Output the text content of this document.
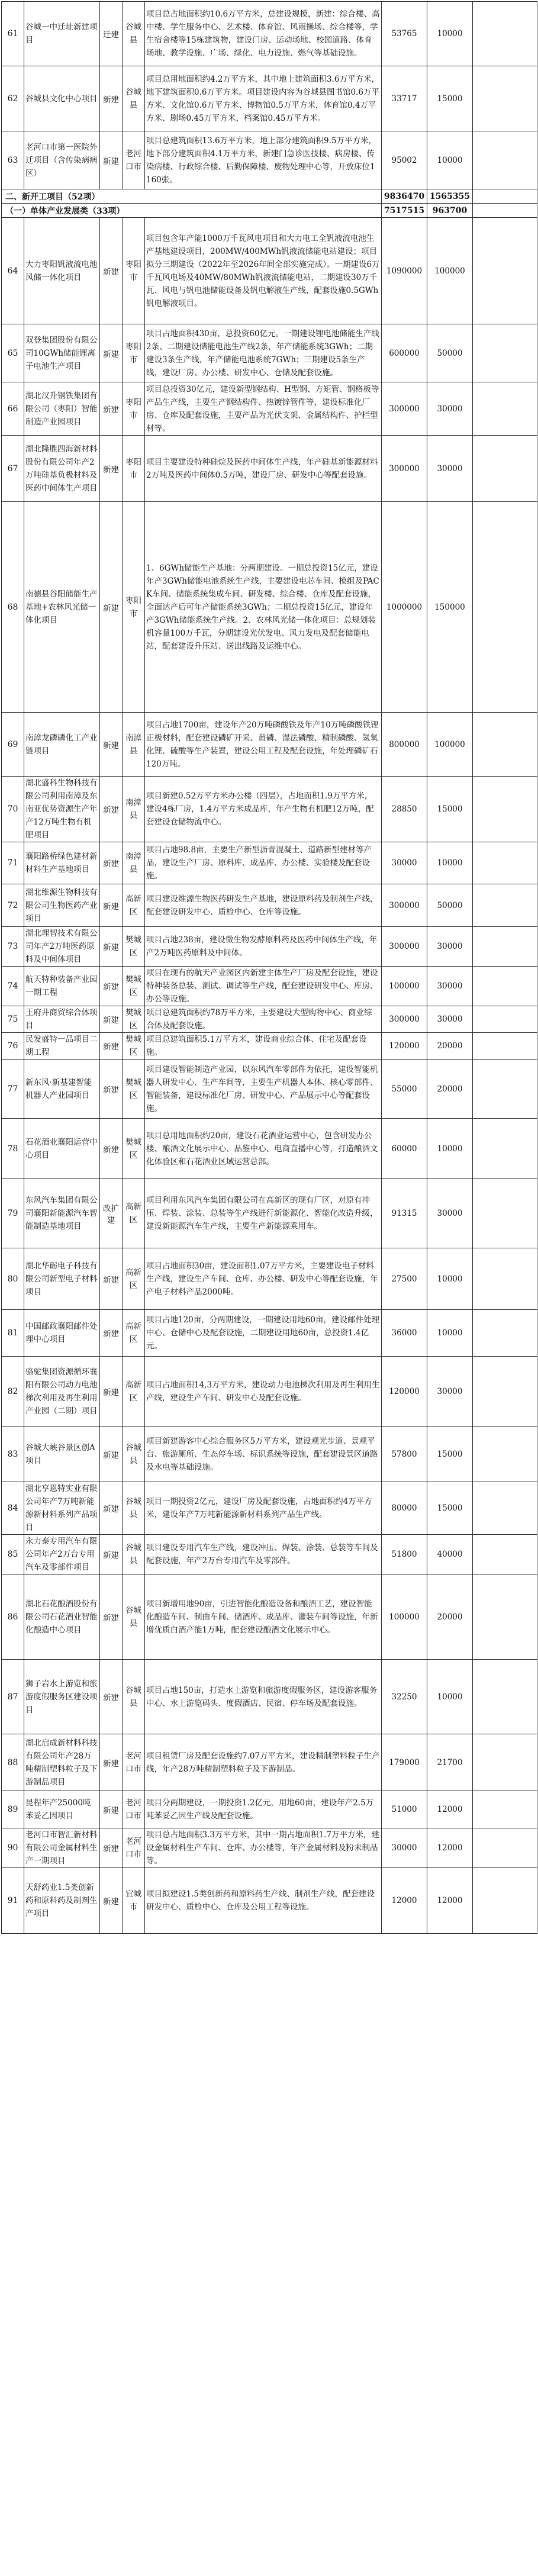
61	谷城一中迁址新建项目	迁建	谷城县	项目总占地面积约10.6万平方米，总建设规模，新建：综合楼、高中楼、学生服务中心、艺术楼、体育馆、风雨操场、综合楼等，学生宿舍楼等15栋建筑物，建设门房、运动场地、校园道路、体育场地、教学设施、广场、绿化、电力设施、燃气等基础设施。	53765	10000	
62	谷城县文化中心项目	新建	谷城县	项目总用地面积约4.2万平方米，其中地上建筑面积3.6万平方米，地下建筑面积0.6万平方米。项目建设内容为谷城县图书馆0.6万平方米、文化馆0.6万平方米、博物馆0.5万平方米，体育馆0.4万平方米、剧场0.45万平方米，档案馆0.45万平方米。	33717	15000	
63	老河口市第一医院外迁项目（含传染病病区）	新建	老河口市	项目总建筑面积13.6万平方米，地上部分建筑面积9.5万平方米，地下部分建筑面积4.1万平方米，新建门急诊医技楼、病房楼、传染病楼、行政综合楼、后勤保障楼、废物处理中心等，开放床位1160张。	95002	10000	
二、新开工项目（52项）					9836470	1565355	
（一）单体产业发展类（33项）					7517515	963700	
64	大力枣阳钒液流电池风储一体化项目	新建	枣阳市	项目包含年产能1000万千瓦风电项目和大力电工全钒液流电池生产基地建设项目，200MW/400MWh钒液流储能电站建设；项目拟分三期建设（2022年至2026年间全部实施完成）。一期建设6万千瓦风电场及40MW/80MWh钒液流储能电站，二期建设30万千瓦、风电与钒电池储能设备及钒电解液生产线，配套设施0.5GWh钒电解液项目。	1090000	100000	
65	双登集团股份有限公司10GWh储能锂离子电池生产项目	新建	枣阳市	项目占地面积430亩，总投资60亿元。一期建设锂电池储能生产线2条、二期建设储能电池生产线2条，年产储能系统3GWh；二期建设3条生产线，年产储能电池系统7GWh；三期建设5条生产线，建设厂房、办公楼、研发中心、仓储及配套设施。	600000	50000	
66	湖北汉升钢铁集团有限公司（枣阳）智能制造产业园项目	新建	枣阳市	项目总投资30亿元，建设新型钢结构、H型钢、方矩管、钢格板等产品生产线，主要生产钢结构件、热镀锌管件等，建设标准化厂房、仓库及配套设施，主要产品为光伏支架、金属结构件、护栏型材等。	300000	30000	
67	湖北隆胜四海新材料股份有限公司年产2万吨硅基负极材料及医药中间体生产项目	新建	枣阳市	项目主要建设特种硅烷及医药中间体生产线，年产硅基新能源材料2万吨及医药中间体0.5万吨，建设厂房、研发中心等配套设施。	300000	30000	
68	南德县谷阳储能生产基地+农林风光储一体化项目	新建	枣阳市	1、6GWh储能生产基地：分两期建设。一期总投资15亿元，建设年产3GWh储能电池系统生产线，主要建设电芯车间、模组及PACK车间、储能系统集成车间、研发楼、综合楼、仓库及配套设施，全面达产后可年产储能系统3GWh；二期总投资15亿元，建设年产3GWh储能系统生产线。2、农林风光储一体化项目：总规划装机容量100万千瓦，分期建设光伏发电、风力发电及配套储能电站，配套建设升压站、送出线路及运维中心。	1000000	150000	
69	南漳龙磷磷化工产业链项目	新建	南漳县	项目占地1700亩，建设年产20万吨磷酸铁及年产10万吨磷酸铁锂正极材料，配套建设磷矿开采、黄磷、湿法磷酸、精制磷酸、氢氧化锂、硫酸等生产装置，建设公用工程及配套设施，年处理磷矿石120万吨。	800000	100000	
70	湖北盛科生物科技有限公司利用南漳及东南亚优势资源生产年产12万吨生物有机肥项目	新建	南漳县	项目新建0.52万平方米办公楼（四层），占地面积1.9万平方米，建设4栋厂房，1.4万平方米成品库，年产生物有机肥12万吨，配套建设仓储物流中心。	28850	15000	
71	襄阳路桥绿色建材新材料生产基地项目	新建	南漳县	项目占地98.8亩，主要生产新型沥青混凝土、道路新型建材等产品，建设生产厂房、原料库、成品库、办公楼、实验楼及配套设施。	30000	10000	
72	湖北维源生物科技有限公司生物医药产业项目	新建	高新区	项目建设维源生物医药研发生产基地，建设原料药及制剂生产线，配套建设研发中心、质检中心、仓库等设施。	300000	50000	
73	湖北理智技术有限公司年产2万吨医药原料及中间体项目	新建	樊城区	项目占地238亩，建设微生物发酵原料药及医药中间体生产线，年产2万吨医药原料及中间体。	300000	30000	
74	航天特种装备产业园一期工程	新建	樊城区	项目在现有的航天产业园区内新建主体生产厂房及配套设施，建设特种装备总装、测试、调试等生产线，配套建设研发中心、库房、办公等设施。	100000	30000	
75	王府井商贸综合体项目	新建	樊城区	项目总建筑面积约78万平方米，主要建设大型购物中心、商业综合体及配套设施。	300000	30000	
76	民发盛特一品项目二期工程	新建	樊城区	项目总建筑面积5.1万平方米，建设商业综合体、住宅及配套设施。	120000	20000	
77	新东风·新基建智能机器人产业园项目	新建	樊城区	项目建设智能制造产业园，以东风汽车零部件为依托，建设智能机器人研发中心、生产车间等，主要生产机器人本体、核心零部件、智能装备，建设标准化厂房、研发中心、产品展示中心等配套设施。	55000	20000	
78	石花酒业襄阳运营中心项目	新建	樊城区	项目总用地面积约20亩，建设石花酒业运营中心，包含研发办公楼、酿酒文化展示中心、品鉴中心、电商直播中心等，打造酿酒文化体验区和石花酒业区域运营总部。	60000	10000	
79	东风汽车集团有限公司襄阳新能源汽车智能制造基地项目	改扩建	高新区	项目利用东风汽车集团有限公司在高新区的现有厂区，对原有冲压、焊装、涂装、总装等生产线进行新能源化、智能化改造升级，建设新能源汽车生产线，主要生产新能源乘用车。	91315	30000	
80	湖北华砺电子科技有限公司新型电子材料项目	新建	高新区	项目占地面积30亩，建设面积1.07万平方米，主要建设电子材料生产线，建设生产车间、仓库、办公楼、研发中心等配套设施，年产电子材料产品2000吨。	27500	10000	
81	中国邮政襄阳邮件处理中心项目	新建	高新区	项目占地120亩，分两期建设，一期建设用地60亩，建设邮件处理中心、仓储中心及配套设施，二期建设用地60亩，总投资1.4亿元。	36000	10000	
82	骆驼集团资源循环襄阳有限公司动力电池梯次利用及再生利用产业园（二期）项目	新建	高新区	项目占地面积14,3万平方米，建设动力电池梯次利用及再生利用生产线，建设生产车间、研发中心及配套设施。	120000	30000	
83	谷城大峡谷景区创A项目	新建	谷城县	项目新建游客中心综合服务区5万平方米，建设观光步道、景观平台、旅游厕所、生态停车场、标识系统等设施，配套建设景区道路及水电等基础设施。	57800	15000	
84	湖北亨恩特实业有限公司年产7万吨新能源新材料系列产品项目	新建	谷城县	项目一期投资2亿元，建设厂房及配套设施，占地面积约4万平方米，建设年产7万吨新能源新材料系列产品生产线。	80000	15000	
85	永力泰专用汽车有限公司年产2万台专用汽车及零部件项目	新建	谷城县	项目建设专用汽车生产线，建设冲压、焊装、涂装、总装等车间及配套设施，年产2万台专用汽车及零部件。	51800	40000	
86	湖北石花酿酒股份有限公司石花酒业智能化酿造中心项目	新建	谷城县	项目新增用地90亩，引进智能化酿造设备和酿酒工艺，建设智能化酿造车间、制曲车间、储酒库、成品库、灌装车间等设施，年新增优质白酒产能1万吨，配套建设酿酒文化展示中心。	100000	20000	
87	狮子岩水上游览和旅游度假服务区建设项目	新建	谷城县	项目占地150亩，打造水上游览和旅游度假服务区，建设游客服务中心、水上游览码头、度假酒店、民宿、停车场及配套设施。	32250	10000	
88	湖北启成新材料科技有限公司年产28万吨精制塑料粒子及下游制品项目	新建	老河口市	项目租赁厂房及配套设施约7.07万平方米，建设精制塑料粒子生产线，年产28万吨精制塑料粒子及下游制品。	179000	21700	
89	昆程年产25000吨苯妥乙因项目	新建	老河口市	项目分两期建设，一期投资1.2亿元，用地60亩，建设年产2.5万吨苯妥乙因生产线及配套设施。	51000	12000	
90	老河口市智汇新材料有限公司金属材料生产一期项目	新建	老河口市	项目总占地面积3.3万平方米，其中一期占地面积1.7万平方米，建设金属材料生产车间、仓库、办公楼等，年产金属材料及粉末制品等。	30000	12000	
91	天舒药业1.5类创新药和原料药及制剂生产项目	新建	宜城市	项目拟建设1.5类创新药和原料药生产线、制剂生产线，配套建设研发中心、质检中心、仓库及公用工程等设施。	12000	12000	
